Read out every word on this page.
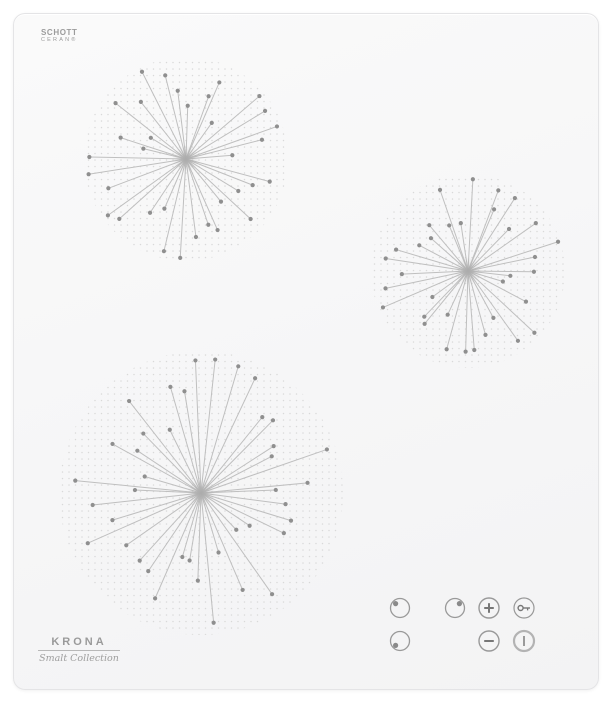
SCHOTT
CERAN®
KRONA
Smalt Collection
